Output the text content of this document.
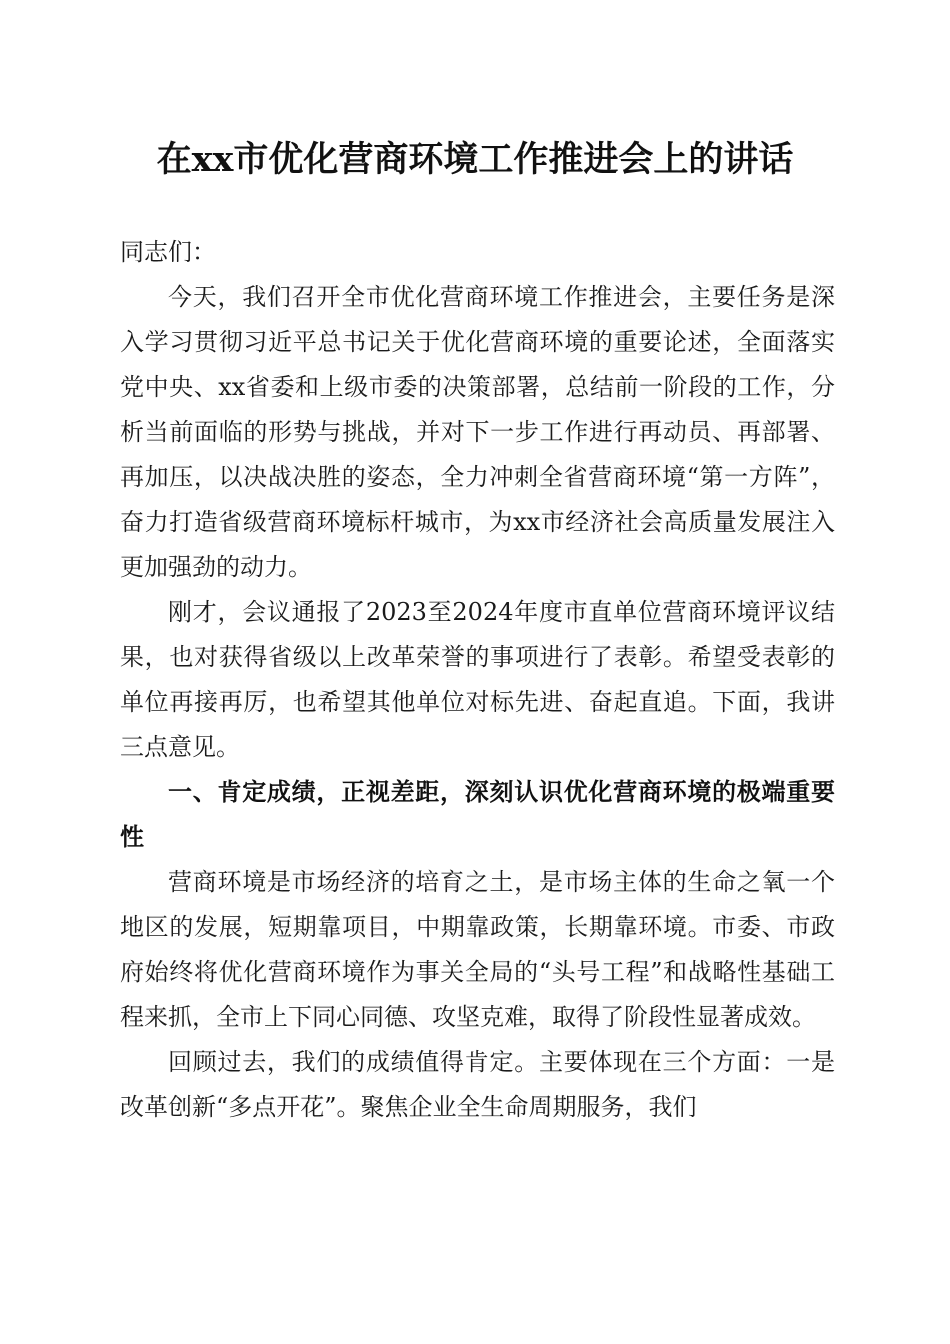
在xx市优化营商环境工作推进会上的讲话

同志们：

今天，我们召开全市优化营商环境工作推进会，主要任务是深入学习贯彻习近平总书记关于优化营商环境的重要论述，全面落实党中央、xx省委和上级市委的决策部署，总结前一阶段的工作，分析当前面临的形势与挑战，并对下一步工作进行再动员、再部署、再加压，以决战决胜的姿态，全力冲刺全省营商环境“第一方阵”，奋力打造省级营商环境标杆城市，为xx市经济社会高质量发展注入更加强劲的动力。

刚才，会议通报了2023至2024年度市直单位营商环境评议结果，也对获得省级以上改革荣誉的事项进行了表彰。希望受表彰的单位再接再厉，也希望其他单位对标先进、奋起直追。下面，我讲三点意见。

一、肯定成绩，正视差距，深刻认识优化营商环境的极端重要性

营商环境是市场经济的培育之土，是市场主体的生命之氧一个地区的发展，短期靠项目，中期靠政策，长期靠环境。市委、市政府始终将优化营商环境作为事关全局的“头号工程”和战略性基础工程来抓，全市上下同心同德、攻坚克难，取得了阶段性显著成效。

回顾过去，我们的成绩值得肯定。主要体现在三个方面：一是改革创新“多点开花”。聚焦企业全生命周期服务，我们
